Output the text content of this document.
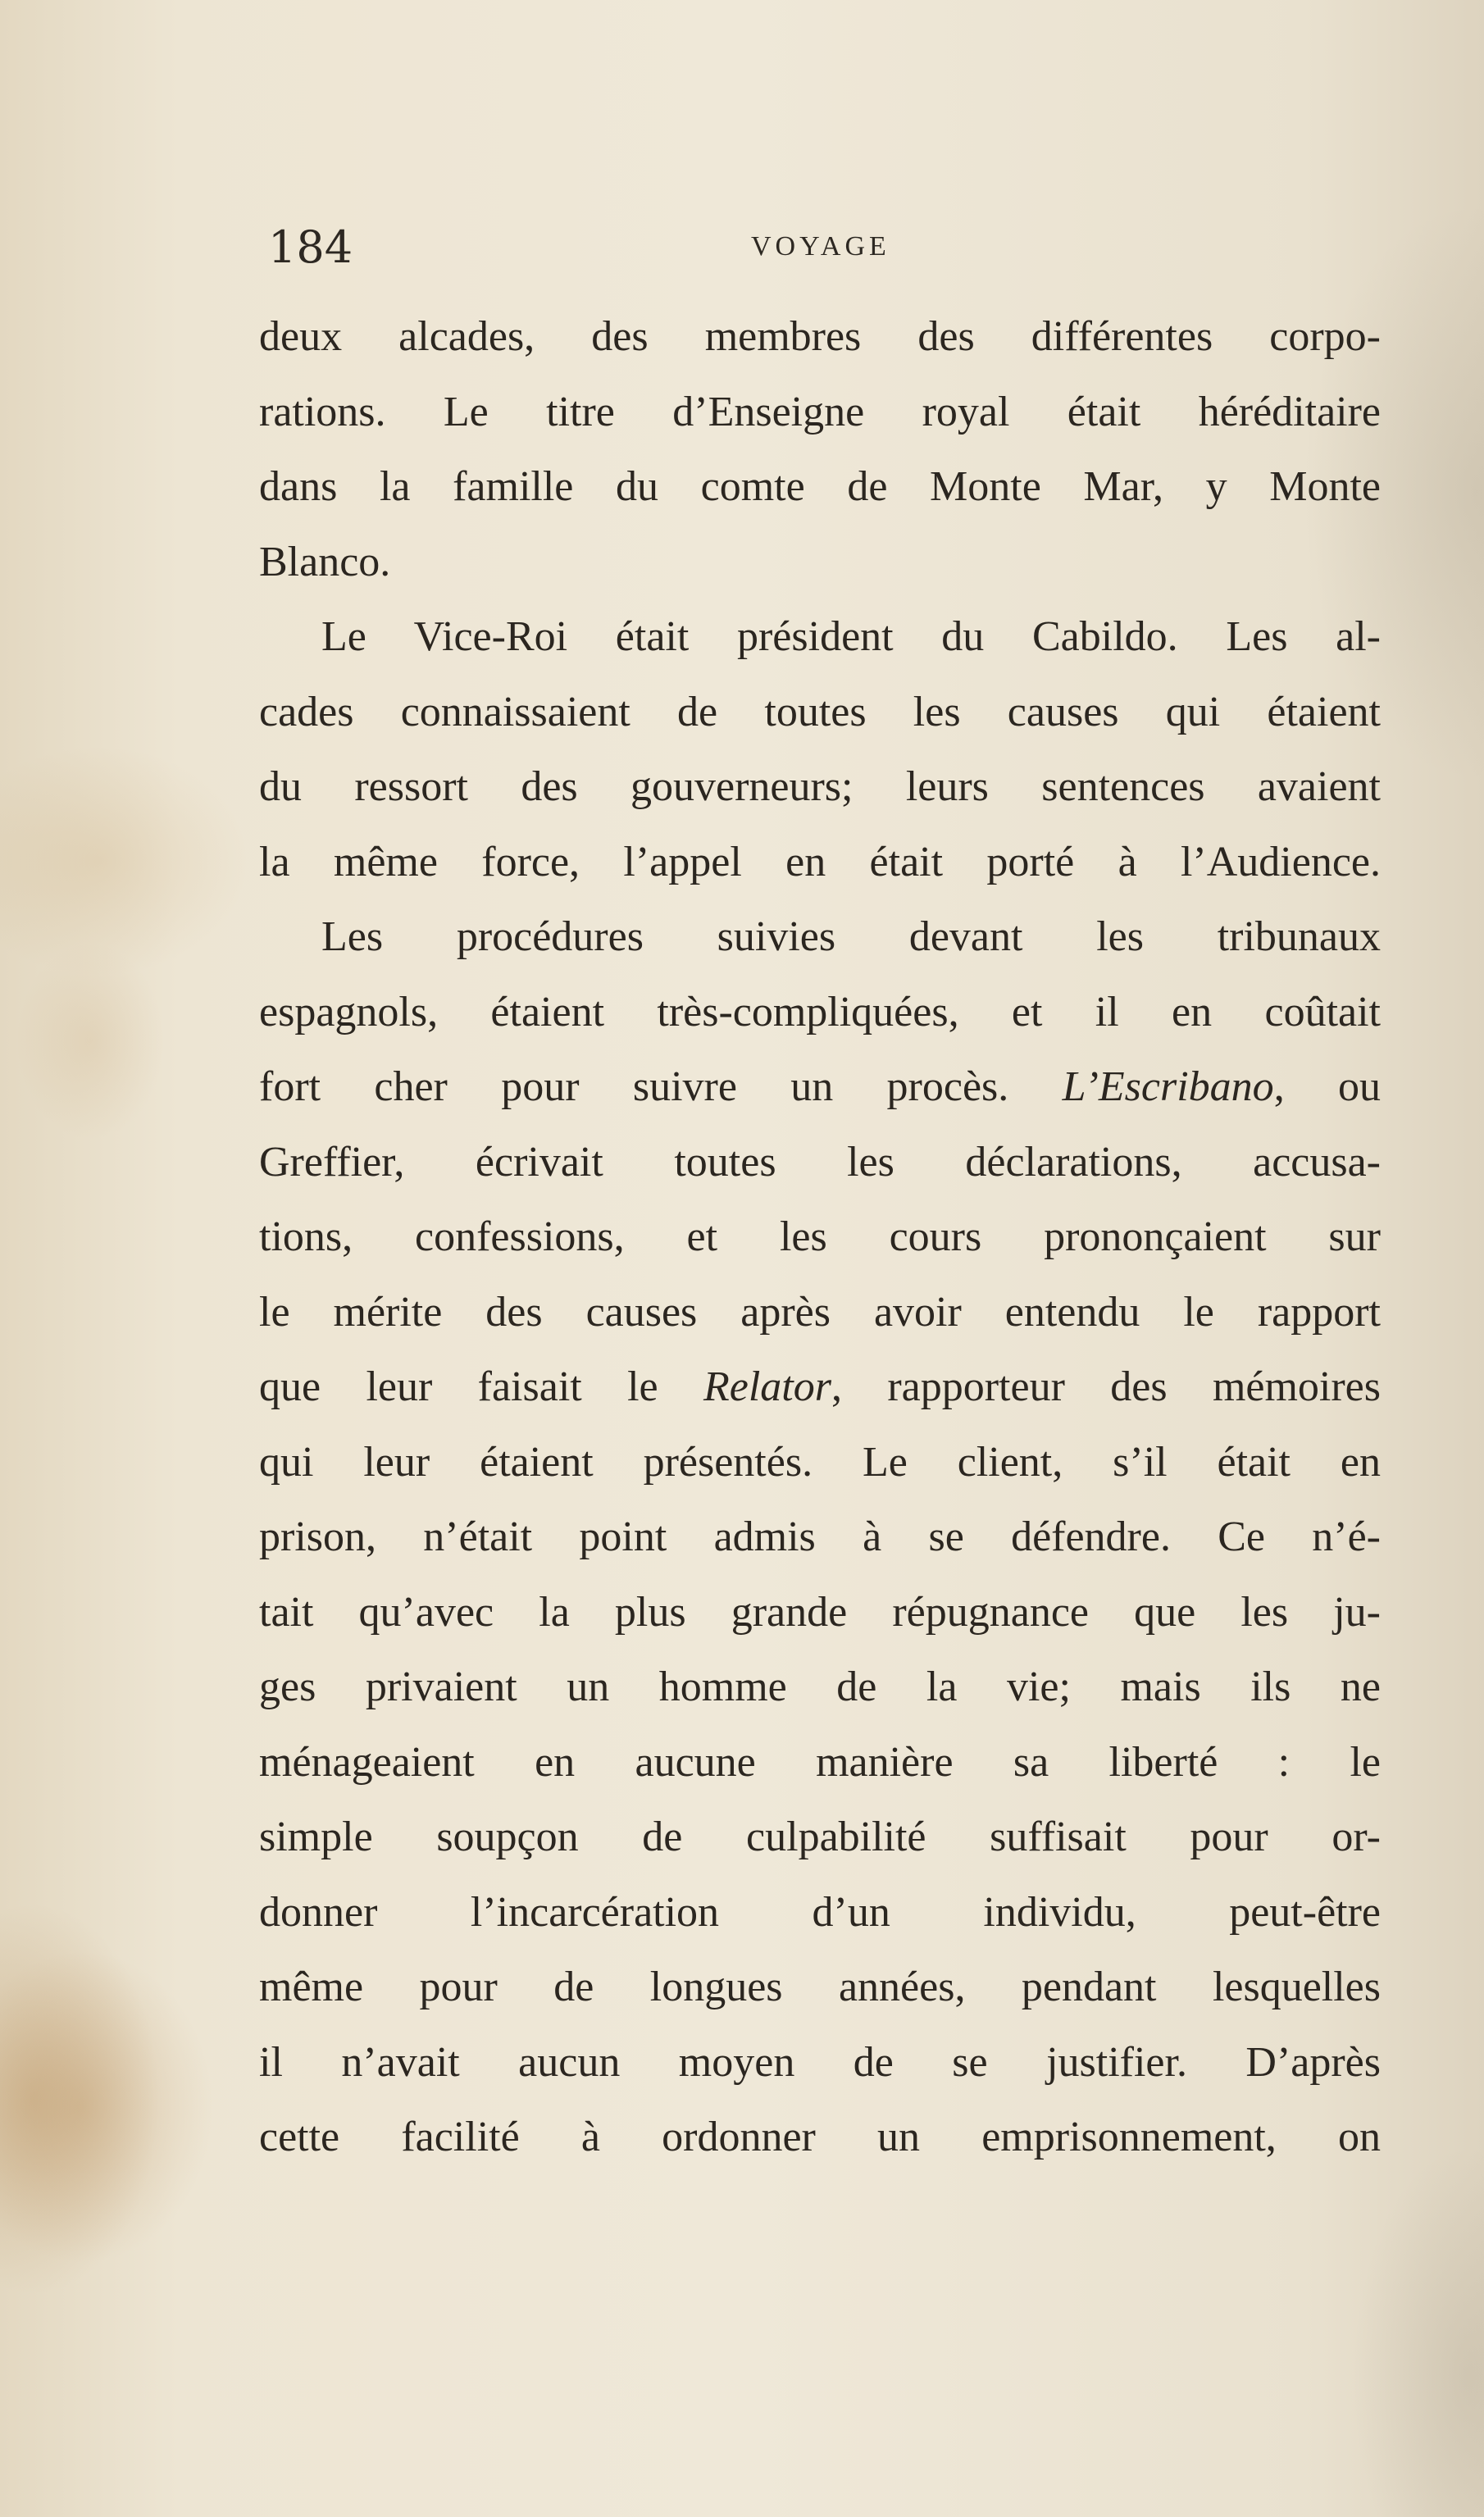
184	VOYAGE
deux alcades, des membres des différentes corpo-
rations. Le titre d’Enseigne royal était héréditaire
dans la famille du comte de Monte Mar, y Monte
Blanco.
Le Vice-Roi était président du Cabildo. Les al-
cades connaissaient de toutes les causes qui étaient
du ressort des gouverneurs; leurs sentences avaient
la même force, l’appel en était porté à l’Audience.
Les procédures suivies devant les tribunaux
espagnols, étaient très-compliquées, et il en coûtait
fort cher pour suivre un procès. L’Escribano, ou
Greffier, écrivait toutes les déclarations, accusa-
tions, confessions, et les cours prononçaient sur
le mérite des causes après avoir entendu le rapport
que leur faisait le Relator, rapporteur des mémoires
qui leur étaient présentés. Le client, s’il était en
prison, n’était point admis à se défendre. Ce n’é-
tait qu’avec la plus grande répugnance que les ju-
ges privaient un homme de la vie; mais ils ne
ménageaient en aucune manière sa liberté : le
simple soupçon de culpabilité suffisait pour or-
donner l’incarcération d’un individu, peut-être
même pour de longues années, pendant lesquelles
il n’avait aucun moyen de se justifier. D’après
cette facilité à ordonner un emprisonnement, on
